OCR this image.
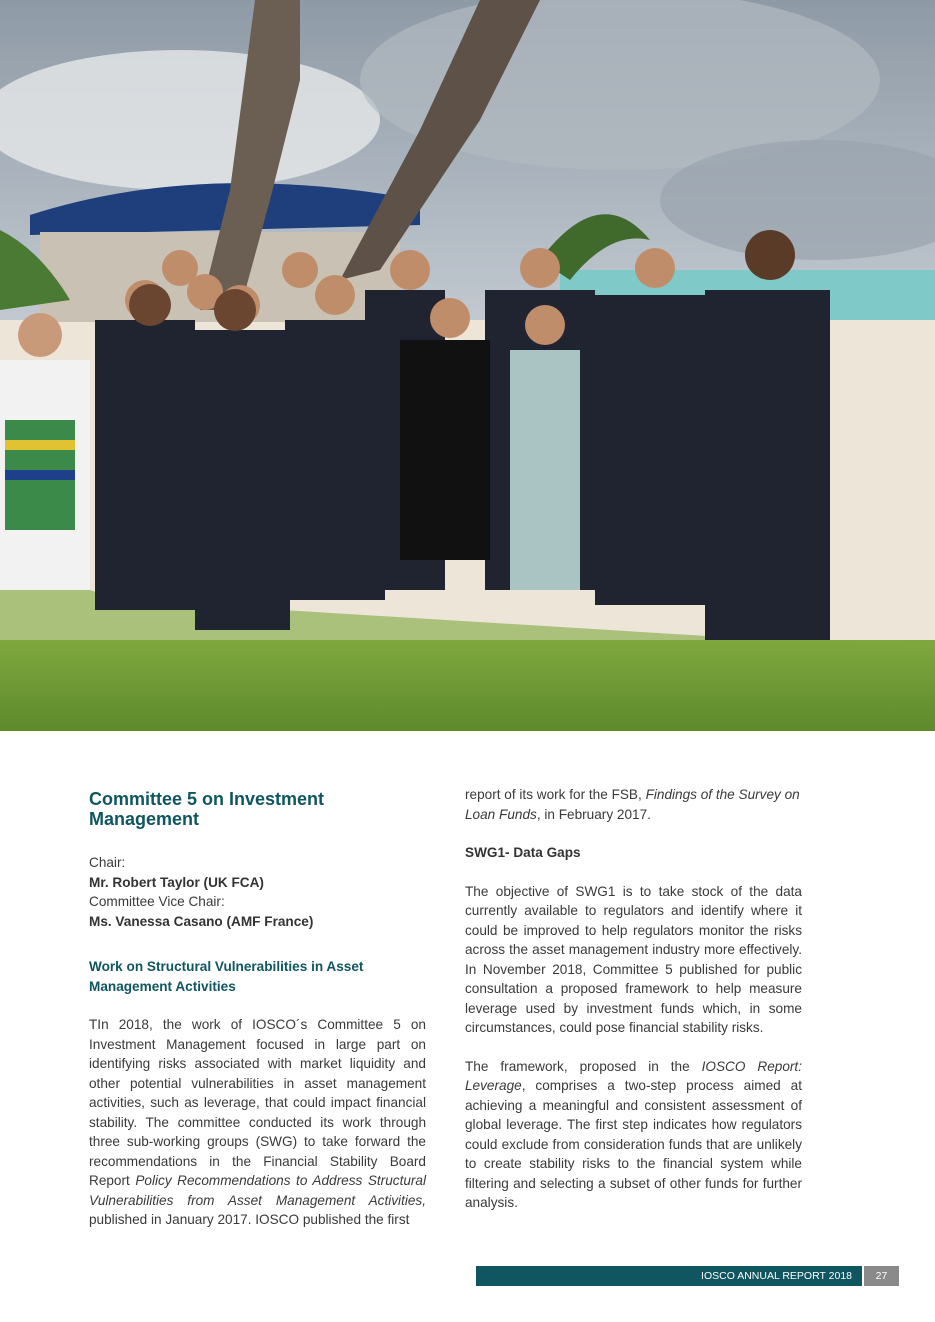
Committee 5 on Investment Management
Chair:
Mr. Robert Taylor (UK FCA)
Committee Vice Chair:
Ms. Vanessa Casano (AMF France)
Work on Structural Vulnerabilities in Asset Management Activities

TIn 2018, the work of IOSCO´s Committee 5 on Investment Management focused in large part on identifying risks associated with market liquidity and other potential vulnerabilities in asset management activities, such as leverage, that could impact financial stability. The committee conducted its work through three sub-working groups (SWG) to take forward the recommendations in the Financial Stability Board Report Policy Recommendations to Address Structural Vulnerabilities from Asset Management Activities, published in January 2017. IOSCO published the first

report of its work for the FSB, Findings of the Survey on Loan Funds, in February 2017.

SWG1- Data Gaps

The objective of SWG1 is to take stock of the data currently available to regulators and identify where it could be improved to help regulators monitor the risks across the asset management industry more effectively. In November 2018, Committee 5 published for public consultation a proposed framework to help measure leverage used by investment funds which, in some circumstances, could pose financial stability risks.

The framework, proposed in the IOSCO Report: Leverage, comprises a two-step process aimed at achieving a meaningful and consistent assessment of global leverage. The first step indicates how regulators could exclude from consideration funds that are unlikely to create stability risks to the financial system while filtering and selecting a subset of other funds for further analysis.

IOSCO ANNUAL REPORT 2018	27
